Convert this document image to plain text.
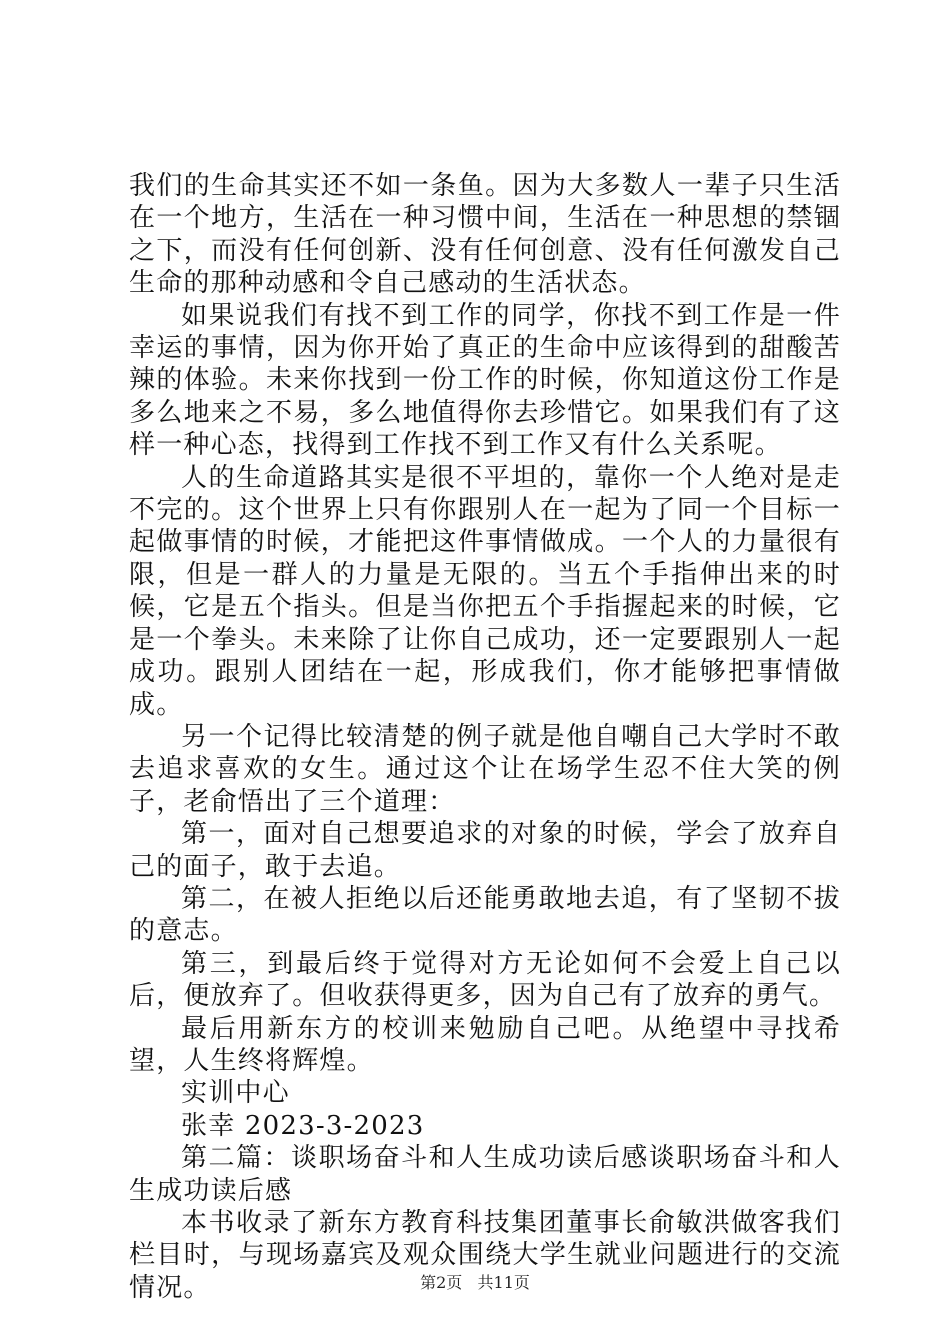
我们的生命其实还不如一条鱼。因为大多数人一辈子只生活在一个地方，生活在一种习惯中间，生活在一种思想的禁锢之下，而没有任何创新、没有任何创意、没有任何激发自己生命的那种动感和令自己感动的生活状态。

如果说我们有找不到工作的同学，你找不到工作是一件幸运的事情，因为你开始了真正的生命中应该得到的甜酸苦辣的体验。未来你找到一份工作的时候，你知道这份工作是多么地来之不易，多么地值得你去珍惜它。如果我们有了这样一种心态，找得到工作找不到工作又有什么关系呢。

人的生命道路其实是很不平坦的，靠你一个人绝对是走不完的。这个世界上只有你跟别人在一起为了同一个目标一起做事情的时候，才能把这件事情做成。一个人的力量很有限，但是一群人的力量是无限的。当五个手指伸出来的时候，它是五个指头。但是当你把五个手指握起来的时候，它是一个拳头。未来除了让你自己成功，还一定要跟别人一起成功。跟别人团结在一起，形成我们，你才能够把事情做成。

另一个记得比较清楚的例子就是他自嘲自己大学时不敢去追求喜欢的女生。通过这个让在场学生忍不住大笑的例子，老俞悟出了三个道理：

第一，面对自己想要追求的对象的时候，学会了放弃自己的面子，敢于去追。

第二，在被人拒绝以后还能勇敢地去追，有了坚韧不拔的意志。

第三，到最后终于觉得对方无论如何不会爱上自己以后，便放弃了。但收获得更多，因为自己有了放弃的勇气。

最后用新东方的校训来勉励自己吧。从绝望中寻找希望，人生终将辉煌。

实训中心

张幸 2023-3-2023

第二篇：谈职场奋斗和人生成功读后感谈职场奋斗和人生成功读后感

本书收录了新东方教育科技集团董事长俞敏洪做客我们栏目时，与现场嘉宾及观众围绕大学生就业问题进行的交流情况。	第2页 共11页
